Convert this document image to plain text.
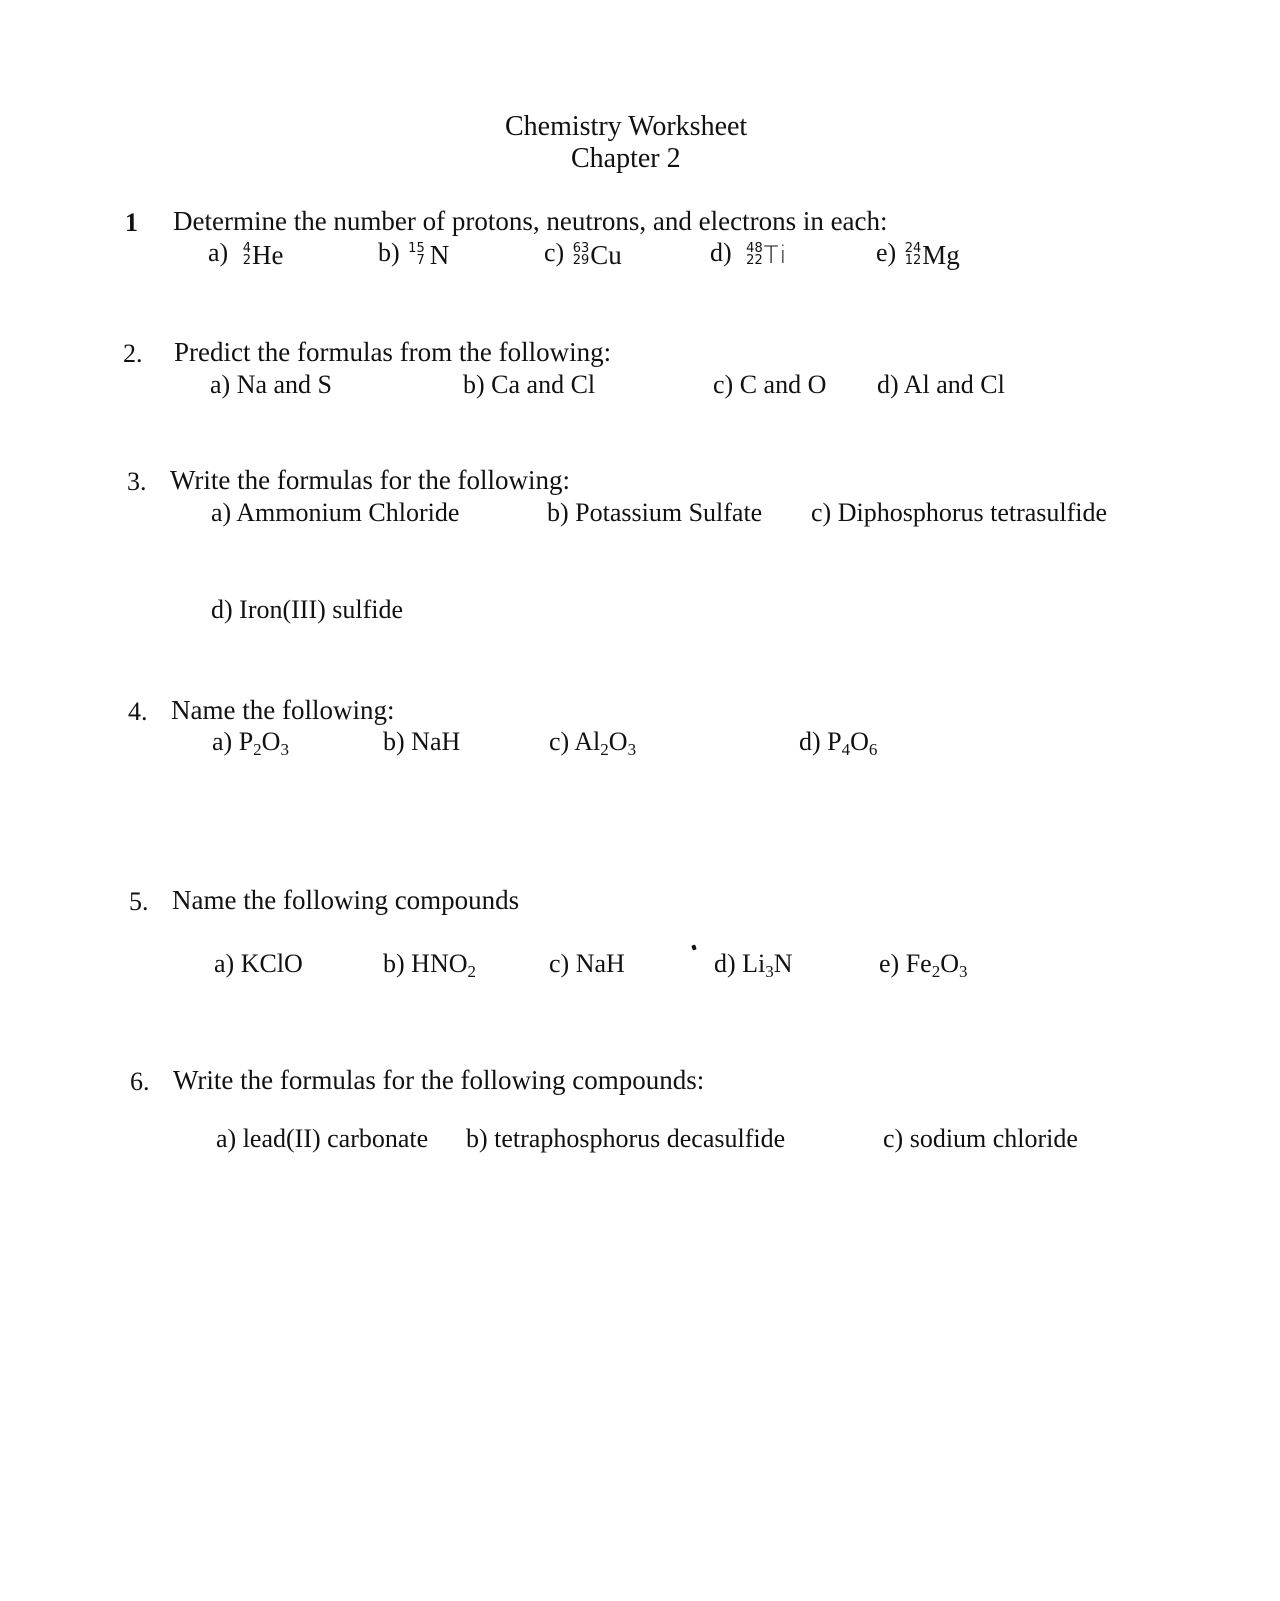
Chemistry Worksheet
Chapter 2
1 Determine the number of protons, neutrons, and electrons in each:
a) 4
2 He	b) 15
7 N	c) 63
29 Cu	d) 48
22 Ti	e) 24
12 Mg
2. Predict the formulas from the following:
a) Na and S	b) Ca and Cl	c) C and O d) Al and Cl
3. Write the formulas for the following:
a) Ammonium Chloride	b) Potassium Sulfate c) Diphosphorus tetrasulfide
d) Iron(III) sulfide
4. Name the following:
a) $P_2O_3$	b) NaH	c) $Al_2O_3$	d) $P_4O_6$
5. Name the following compounds
a) KClO	b) $HNO_2$	c) NaH	d) $Li_3N$	e) $Fe_2O_3$
6. Write the formulas for the following compounds:
a) lead(II) carbonate b) tetraphosphorus decasulfide	c) sodium chloride
